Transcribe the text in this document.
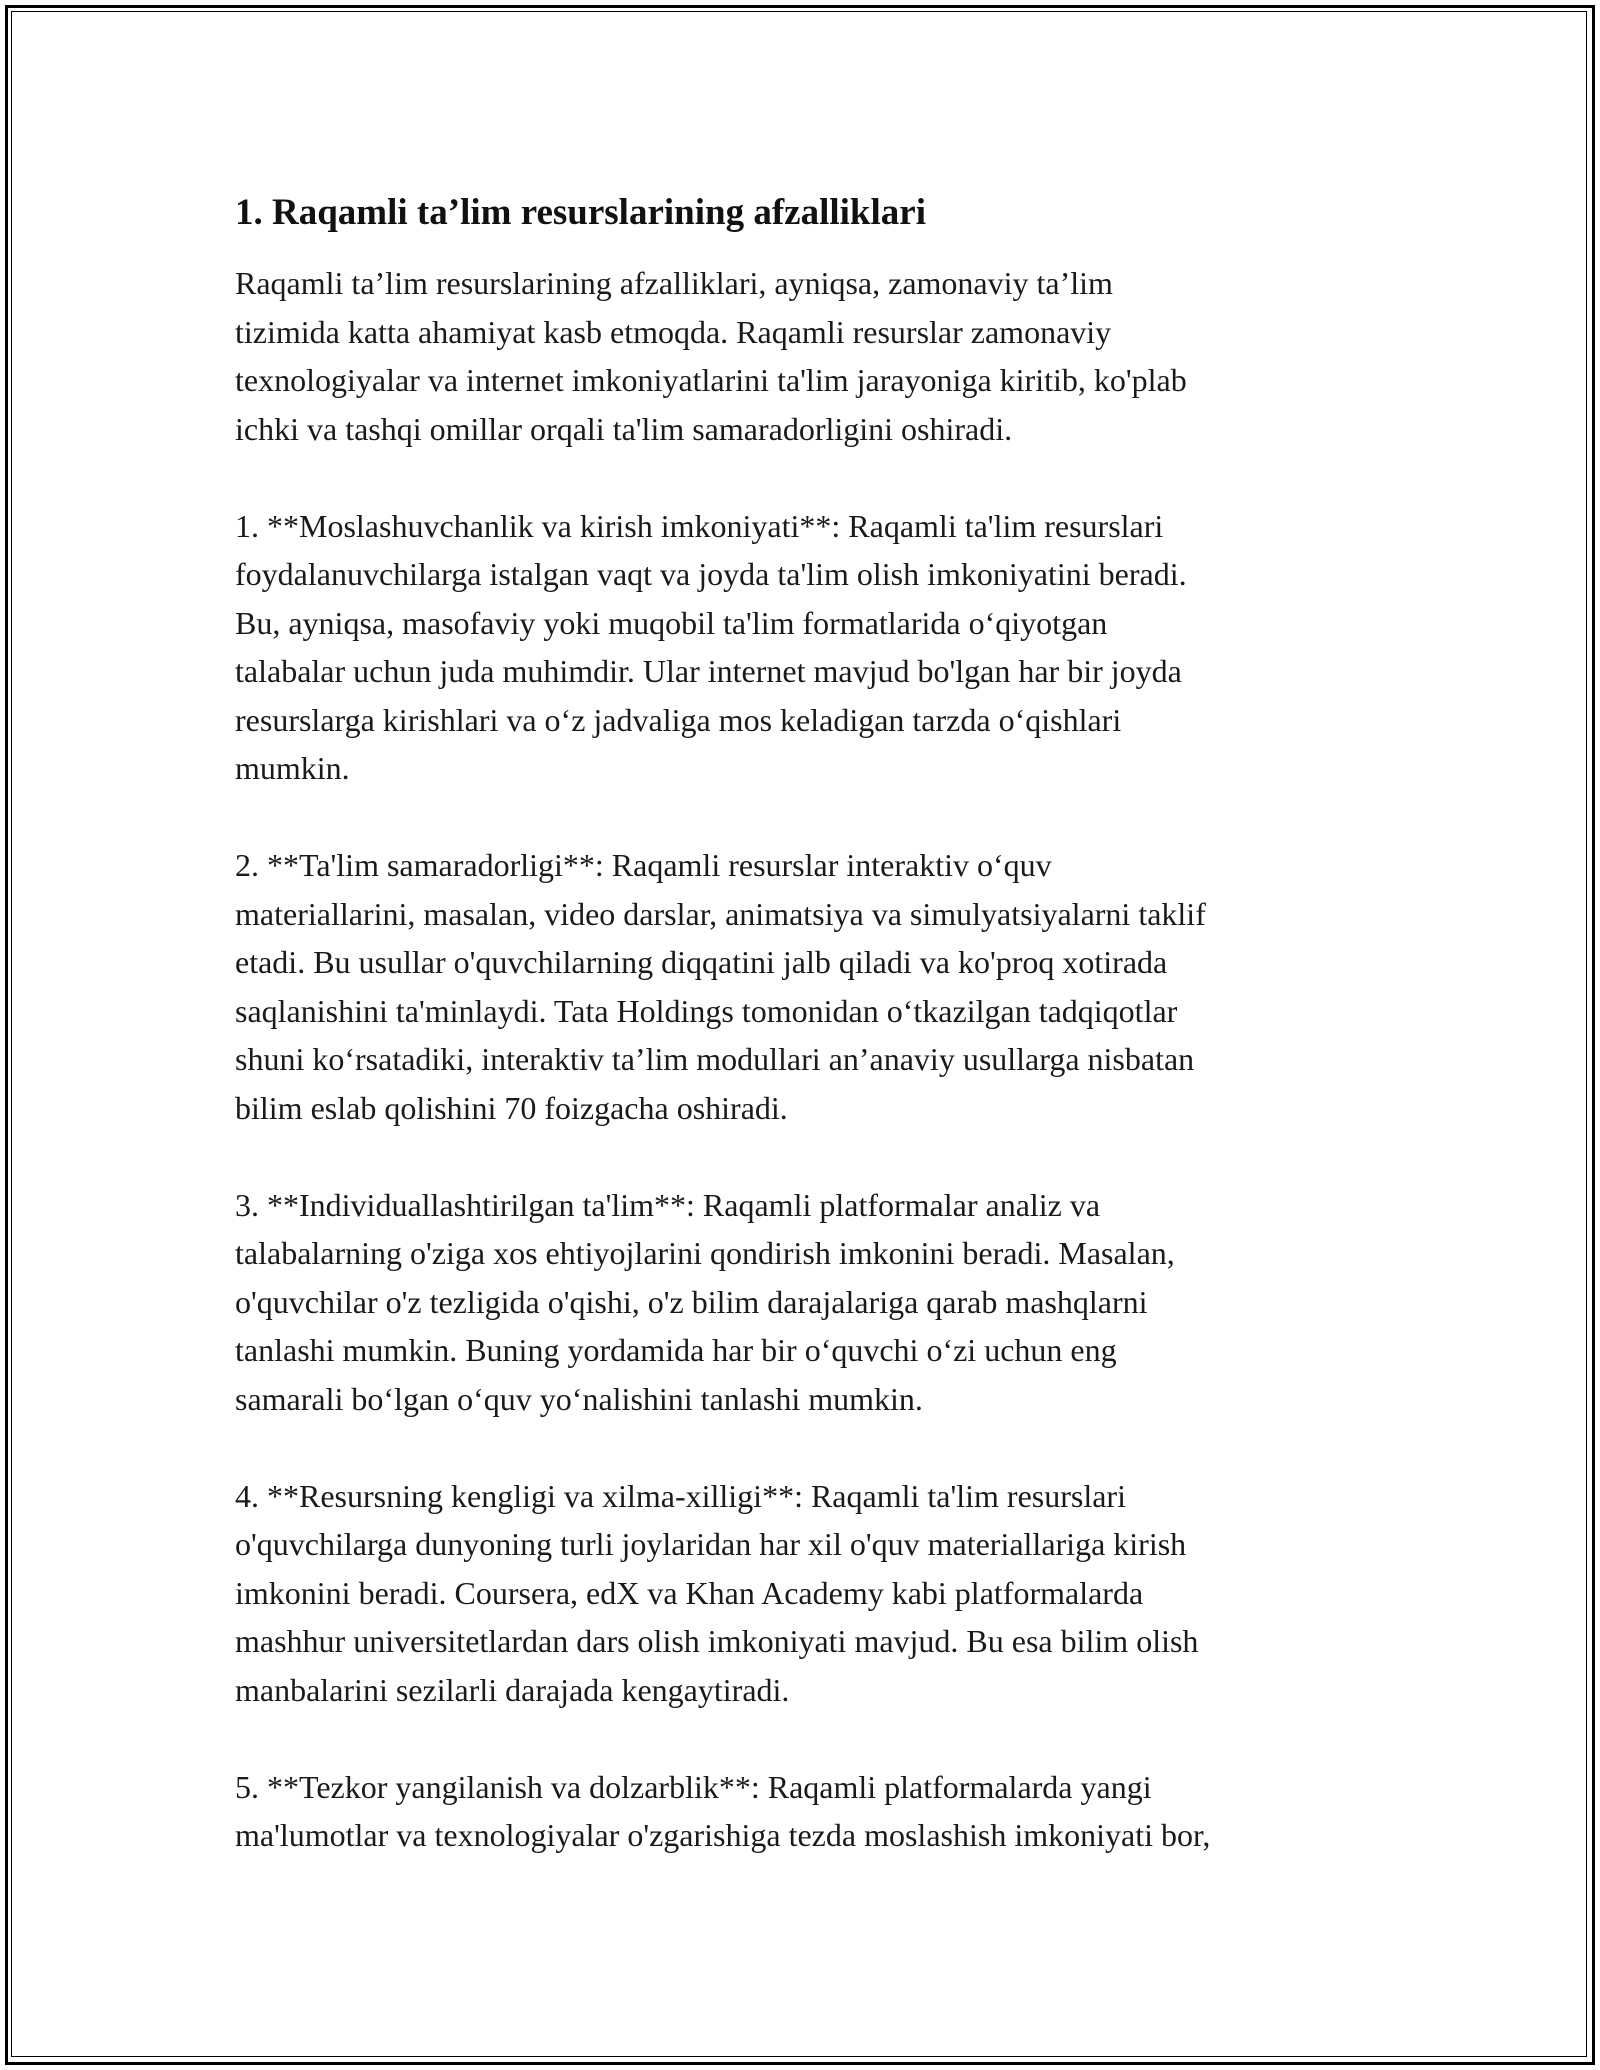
1. Raqamli ta’lim resurslarining afzalliklari

Raqamli ta’lim resurslarining afzalliklari, ayniqsa, zamonaviy ta’lim
tizimida katta ahamiyat kasb etmoqda. Raqamli resurslar zamonaviy
texnologiyalar va internet imkoniyatlarini ta'lim jarayoniga kiritib, ko'plab
ichki va tashqi omillar orqali ta'lim samaradorligini oshiradi.

1. **Moslashuvchanlik va kirish imkoniyati**: Raqamli ta'lim resurslari
foydalanuvchilarga istalgan vaqt va joyda ta'lim olish imkoniyatini beradi.
Bu, ayniqsa, masofaviy yoki muqobil ta'lim formatlarida o‘qiyotgan
talabalar uchun juda muhimdir. Ular internet mavjud bo'lgan har bir joyda
resurslarga kirishlari va o‘z jadvaliga mos keladigan tarzda o‘qishlari
mumkin.

2. **Ta'lim samaradorligi**: Raqamli resurslar interaktiv o‘quv
materiallarini, masalan, video darslar, animatsiya va simulyatsiyalarni taklif
etadi. Bu usullar o'quvchilarning diqqatini jalb qiladi va ko'proq xotirada
saqlanishini ta'minlaydi. Tata Holdings tomonidan o‘tkazilgan tadqiqotlar
shuni ko‘rsatadiki, interaktiv ta’lim modullari an’anaviy usullarga nisbatan
bilim eslab qolishini 70 foizgacha oshiradi.

3. **Individuallashtirilgan ta'lim**: Raqamli platformalar analiz va
talabalarning o'ziga xos ehtiyojlarini qondirish imkonini beradi. Masalan,
o'quvchilar o'z tezligida o'qishi, o'z bilim darajalariga qarab mashqlarni
tanlashi mumkin. Buning yordamida har bir o‘quvchi o‘zi uchun eng
samarali bo‘lgan o‘quv yo‘nalishini tanlashi mumkin.

4. **Resursning kengligi va xilma-xilligi**: Raqamli ta'lim resurslari
o'quvchilarga dunyoning turli joylaridan har xil o'quv materiallariga kirish
imkonini beradi. Coursera, edX va Khan Academy kabi platformalarda
mashhur universitetlardan dars olish imkoniyati mavjud. Bu esa bilim olish
manbalarini sezilarli darajada kengaytiradi.

5. **Tezkor yangilanish va dolzarblik**: Raqamli platformalarda yangi
ma'lumotlar va texnologiyalar o'zgarishiga tezda moslashish imkoniyati bor,
